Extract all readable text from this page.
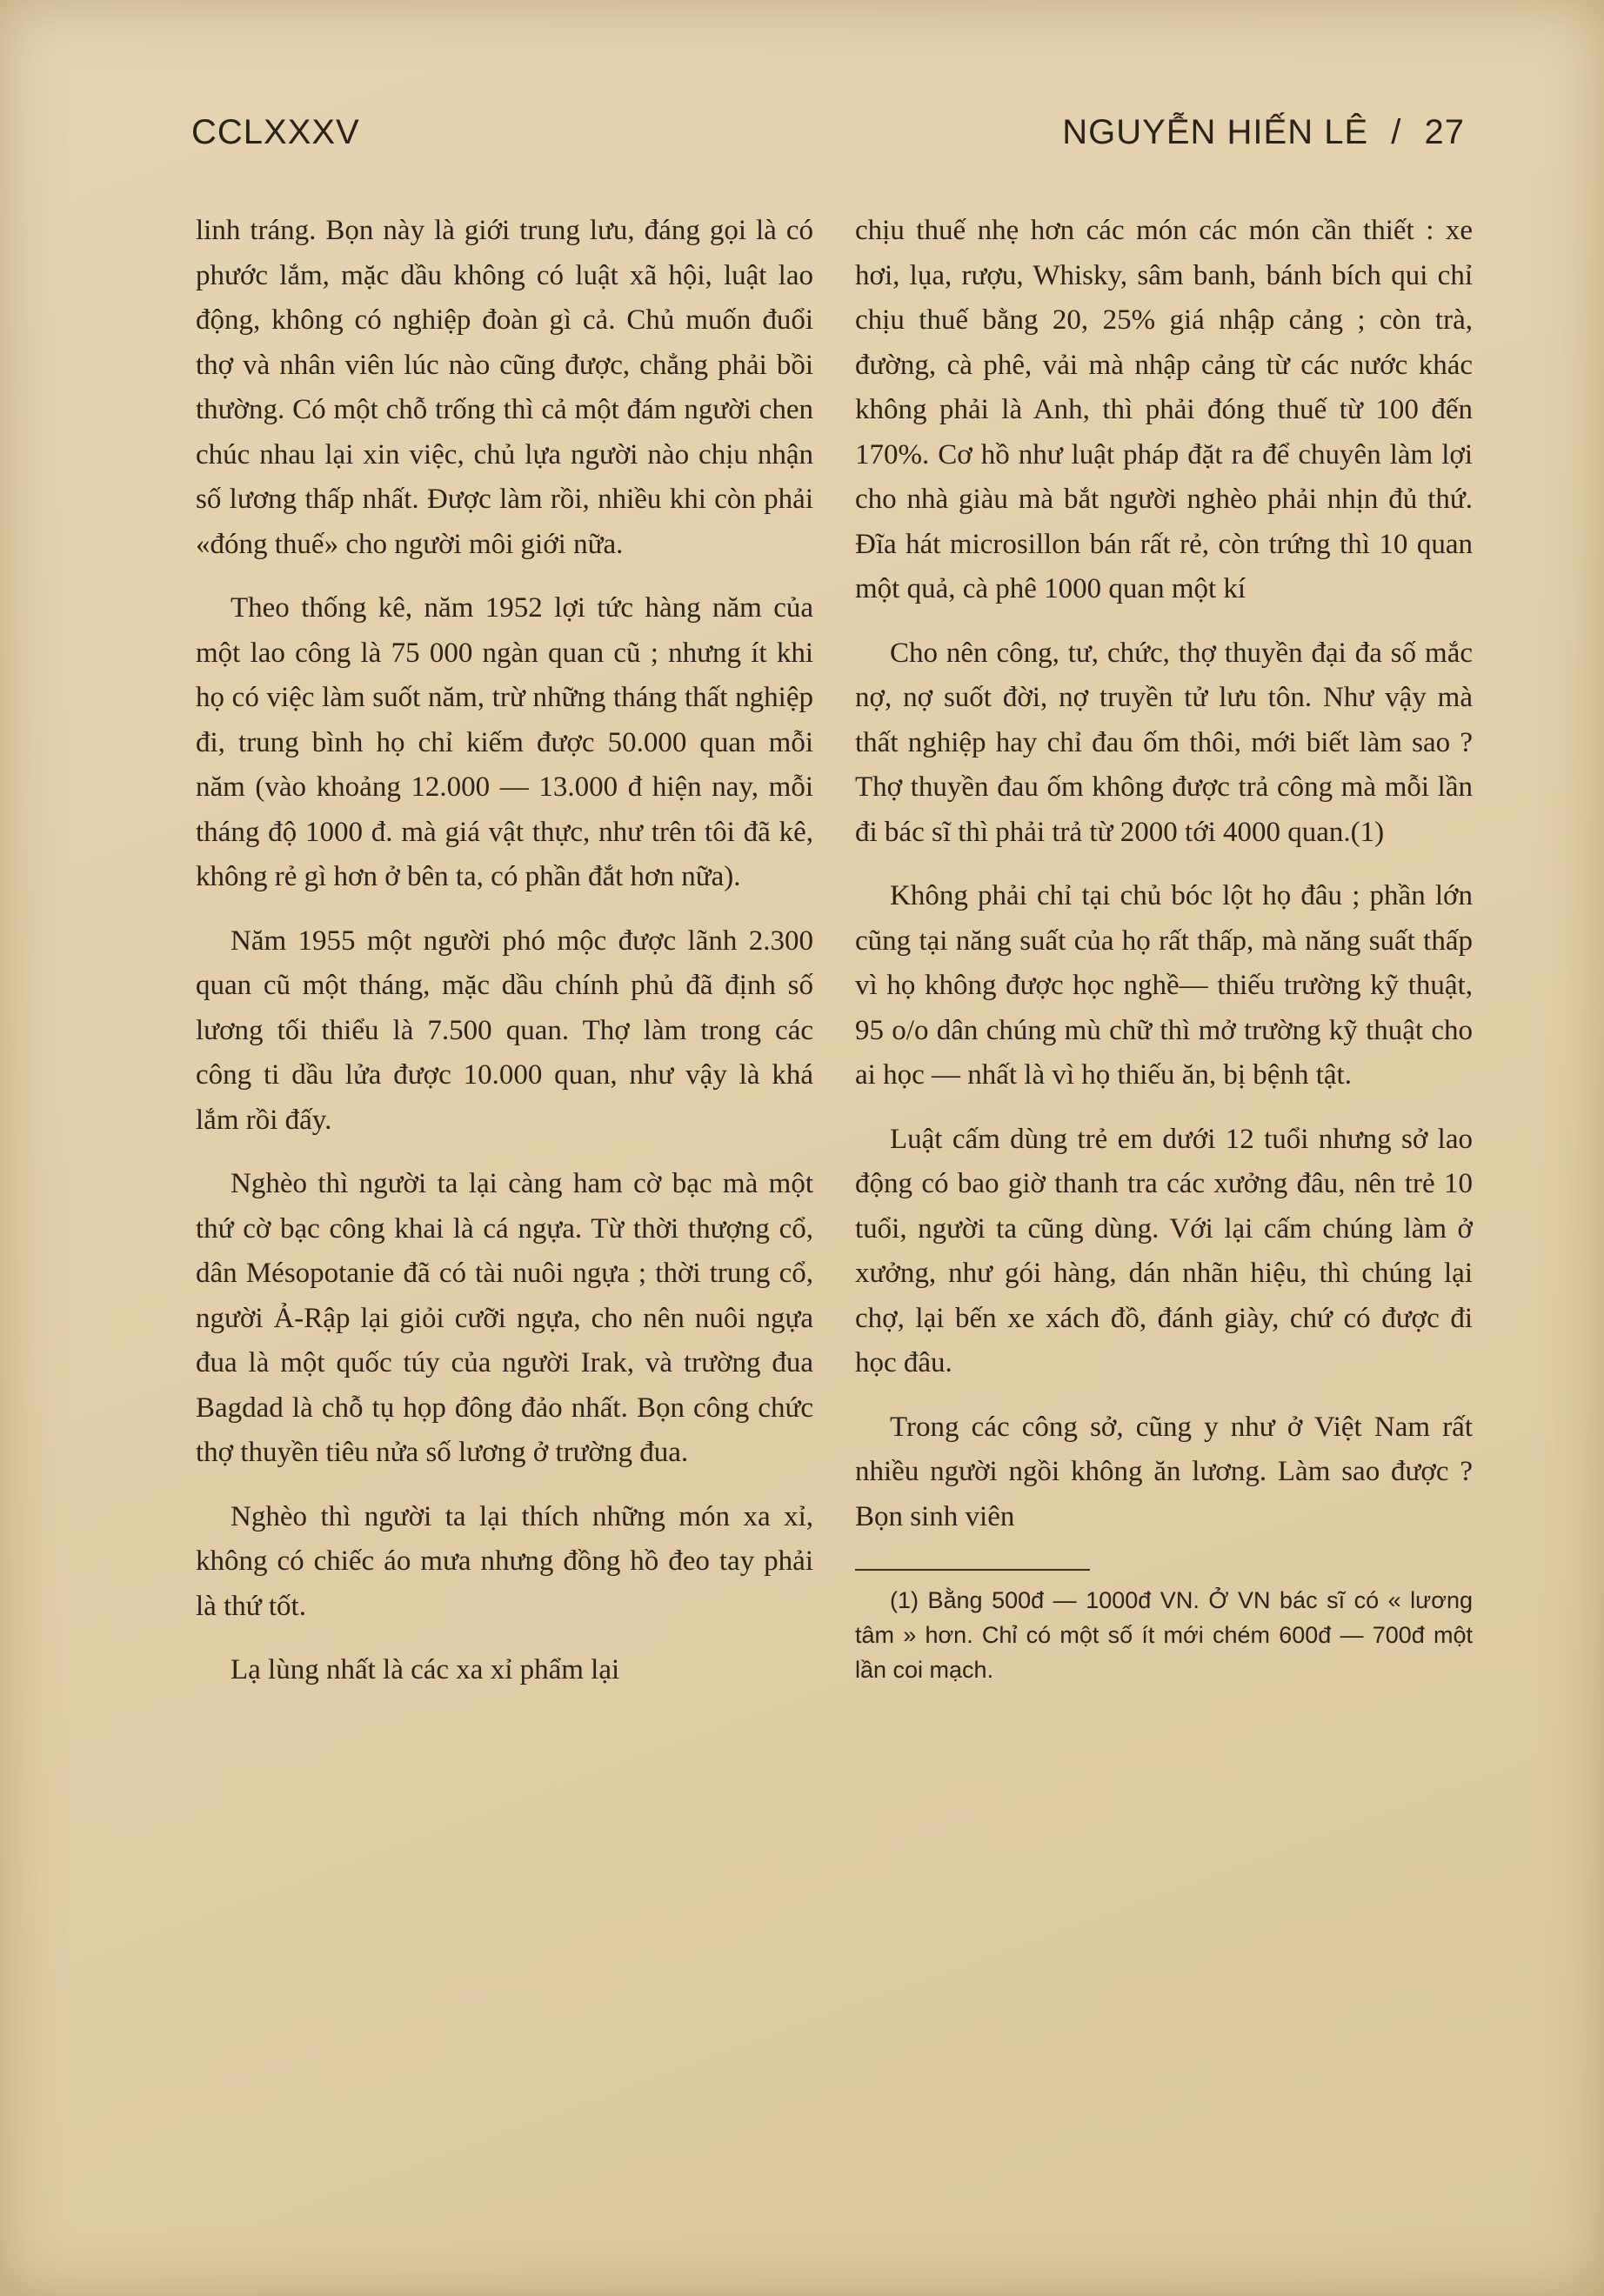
CCLXXXV	NGUYỄN HIẾN LÊ / 27

linh tráng. Bọn này là giới trung lưu, đáng gọi là có phước lắm, mặc dầu không có luật xã hội, luật lao động, không có nghiệp đoàn gì cả. Chủ muốn đuổi thợ và nhân viên lúc nào cũng được, chẳng phải bồi thường. Có một chỗ trống thì cả một đám người chen chúc nhau lại xin việc, chủ lựa người nào chịu nhận số lương thấp nhất. Được làm rồi, nhiều khi còn phải «đóng thuế» cho người môi giới nữa.

Theo thống kê, năm 1952 lợi tức hàng năm của một lao công là 75 000 ngàn quan cũ ; nhưng ít khi họ có việc làm suốt năm, trừ những tháng thất nghiệp đi, trung bình họ chỉ kiếm được 50.000 quan mỗi năm (vào khoảng 12.000 — 13.000 đ hiện nay, mỗi tháng độ 1000 đ. mà giá vật thực, như trên tôi đã kê, không rẻ gì hơn ở bên ta, có phần đắt hơn nữa).

Năm 1955 một người phó mộc được lãnh 2.300 quan cũ một tháng, mặc dầu chính phủ đã định số lương tối thiểu là 7.500 quan. Thợ làm trong các công ti dầu lửa được 10.000 quan, như vậy là khá lắm rồi đấy.

Nghèo thì người ta lại càng ham cờ bạc mà một thứ cờ bạc công khai là cá ngựa. Từ thời thượng cổ, dân Mésopotanie đã có tài nuôi ngựa ; thời trung cổ, người Ả-Rập lại giỏi cưỡi ngựa, cho nên nuôi ngựa đua là một quốc túy của người Irak, và trường đua Bagdad là chỗ tụ họp đông đảo nhất. Bọn công chức thợ thuyền tiêu nửa số lương ở trường đua.

Nghèo thì người ta lại thích những món xa xỉ, không có chiếc áo mưa nhưng đồng hồ đeo tay phải là thứ tốt.

Lạ lùng nhất là các xa xỉ phẩm lại

chịu thuế nhẹ hơn các món các món cần thiết : xe hơi, lụa, rượu, Whisky, sâm banh, bánh bích qui chỉ chịu thuế bằng 20, 25% giá nhập cảng ; còn trà, đường, cà phê, vải mà nhập cảng từ các nước khác không phải là Anh, thì phải đóng thuế từ 100 đến 170%. Cơ hồ như luật pháp đặt ra để chuyên làm lợi cho nhà giàu mà bắt người nghèo phải nhịn đủ thứ. Đĩa hát microsillon bán rất rẻ, còn trứng thì 10 quan một quả, cà phê 1000 quan một kí

Cho nên công, tư, chức, thợ thuyền đại đa số mắc nợ, nợ suốt đời, nợ truyền tử lưu tôn. Như vậy mà thất nghiệp hay chỉ đau ốm thôi, mới biết làm sao ? Thợ thuyền đau ốm không được trả công mà mỗi lần đi bác sĩ thì phải trả từ 2000 tới 4000 quan.(1)

Không phải chỉ tại chủ bóc lột họ đâu ; phần lớn cũng tại năng suất của họ rất thấp, mà năng suất thấp vì họ không được học nghề— thiếu trường kỹ thuật, 95 o/o dân chúng mù chữ thì mở trường kỹ thuật cho ai học — nhất là vì họ thiếu ăn, bị bệnh tật.

Luật cấm dùng trẻ em dưới 12 tuổi nhưng sở lao động có bao giờ thanh tra các xưởng đâu, nên trẻ 10 tuổi, người ta cũng dùng. Với lại cấm chúng làm ở xưởng, như gói hàng, dán nhãn hiệu, thì chúng lại chợ, lại bến xe xách đồ, đánh giày, chứ có được đi học đâu.

Trong các công sở, cũng y như ở Việt Nam rất nhiều người ngồi không ăn lương. Làm sao được ? Bọn sinh viên

(1) Bằng 500đ — 1000đ VN. Ở VN bác sĩ có « lương tâm » hơn. Chỉ có một số ít mới chém 600đ — 700đ một lần coi mạch.
